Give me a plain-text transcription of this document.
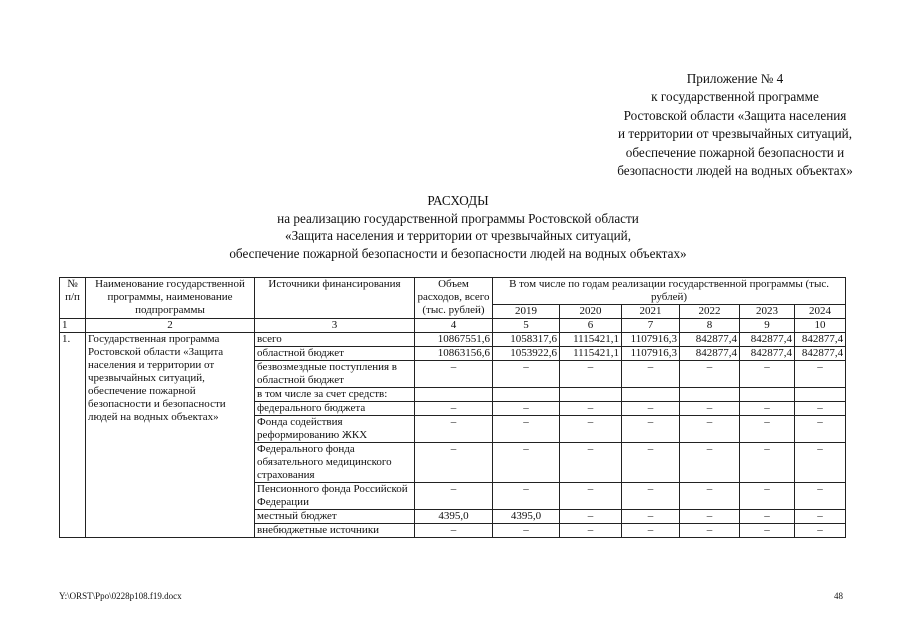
Приложение № 4
к государственной программе
Ростовской области «Защита населения
и территории от чрезвычайных ситуаций,
обеспечение пожарной безопасности и
безопасности людей на водных объектах»
РАСХОДЫ
на реализацию государственной программы Ростовской области
«Защита населения и территории от чрезвычайных ситуаций,
обеспечение пожарной безопасности и безопасности людей на водных объектах»
№ п/п	Наименование государственной программы, наименование подпрограммы	Источники финансирования	Объем расходов, всего (тыс. рублей)	В том числе по годам реализации государственной программы (тыс. рублей)					
				2019	2020	2021	2022	2023	2024
1	2	3	4	5	6	7	8	9	10
1.	Государственная программа Ростовской области «Защита населения и территории от чрезвычайных ситуаций, обеспечение пожарной безопасности и безопасности людей на водных объектах»	всего	10867551,6	1058317,6	1115421,1	1107916,3	842877,4	842877,4	842877,4
		областной бюджет	10863156,6	1053922,6	1115421,1	1107916,3	842877,4	842877,4	842877,4
		безвозмездные поступления в областной бюджет	–	–	–	–	–	–	–
		в том числе за счет средств:							
		федерального бюджета	–	–	–	–	–	–	–
		Фонда содействия реформированию ЖКХ	–	–	–	–	–	–	–
		Федерального фонда обязательного медицинского страхования	–	–	–	–	–	–	–
		Пенсионного фонда Российской Федерации	–	–	–	–	–	–	–
		местный бюджет	4395,0	4395,0	–	–	–	–	–
		внебюджетные источники	–	–	–	–	–	–	–
Y:\ORST\Ppo\0228p108.f19.docx	48
